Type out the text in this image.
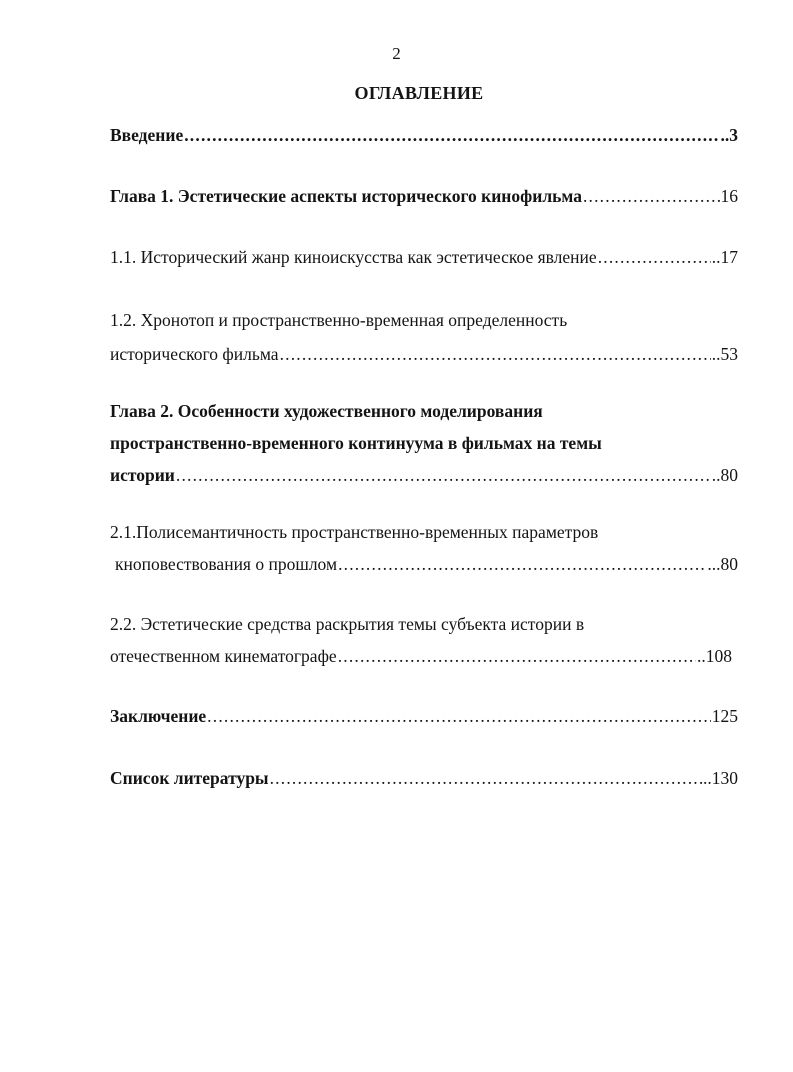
2
ОГЛАВЛЕНИЕ
Введение .....	..3
Глава 1. Эстетические аспекты исторического кинофильма .....	16
1.1. Исторический жанр киноискусства как эстетическое явление .....	..17
1.2. Хронотоп и пространственно-временная определенность
исторического фильма .....	..53
Глава 2. Особенности художественного моделирования
пространственно-временного континуума в фильмах на темы
истории .....	..80
2.1.Полисемантичность пространственно-временных параметров
кноповествования о прошлом .....	...80
2.2. Эстетические средства раскрытия темы субъекта истории в
отечественном кинематографе .....	..108
Заключение .....	125
Список литературы .....	..130
